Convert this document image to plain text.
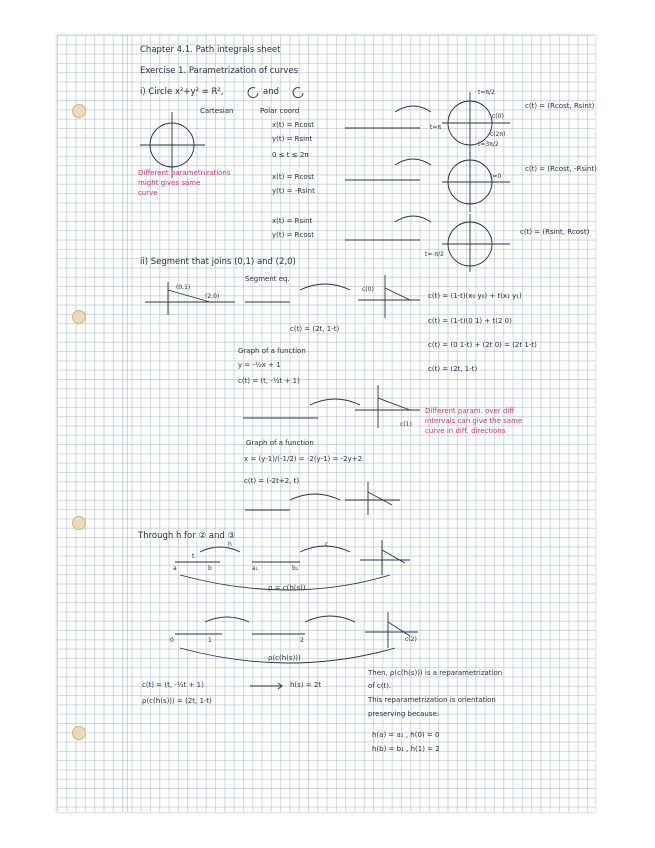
Chapter 4.1. Path integrals sheet
Exercise 1. Parametrization of curves
i) Circle x²+y² = R²,	and
Cartesian	Polar coord
x(t) = Rcost
y(t) = Rsint
0 ≤ t ≤ 2π
c(t) = (Rcost, Rsint)
Different parametrizations
might gives same
curve
x(t) = Rcost
y(t) = -Rsint
c(t) = (Rcost, -Rsint)
x(t) = Rsint
y(t) = Rcost	c(t) = (Rsint, Rcost)
t=π/2
c(0)
c(2π)
t=π
t=0
t=3π/2
t=-π/2
ii) Segment that joins (0,1) and (2,0)
Segment eq.
c(t) = (2t, 1-t)
c(t) = (1-t)(x₀ y₀) + t(x₁ y₁)
c(t) = (1-t)(0 1) + t(2 0)
c(t) = (0 1-t) + (2t 0) = (2t 1-t)
c(t) = (2t, 1-t)
Graph of a function
y = -½x + 1
c(t) = (t, -½t + 1)
Different param. over diff
intervals can give the same
curve in diff. directions
Graph of a function
x = (y-1)/(-1/2) = -2(y-1) = -2y+2
c(t) = (-2t+2, t)
(0,1)
(2,0)
c(0)
c(1)
c(2)
Through h for ② and ③
ρ = c(h(s))
ρ(c(h(s)))
c(t) = (t, -½t + 1)
ρ(c(h(s))) = (2t, 1-t)
h(s) = 2t
Then, ρ(c(h(s))) is a reparametrization
of c(t).
This reparametrization is orientation
preserving because:
h(a) = a₁ , h(0) = 0
h(b) = b₁ , h(1) = 2
a	b	a₁	b₁
0	1	2
t
h	c
